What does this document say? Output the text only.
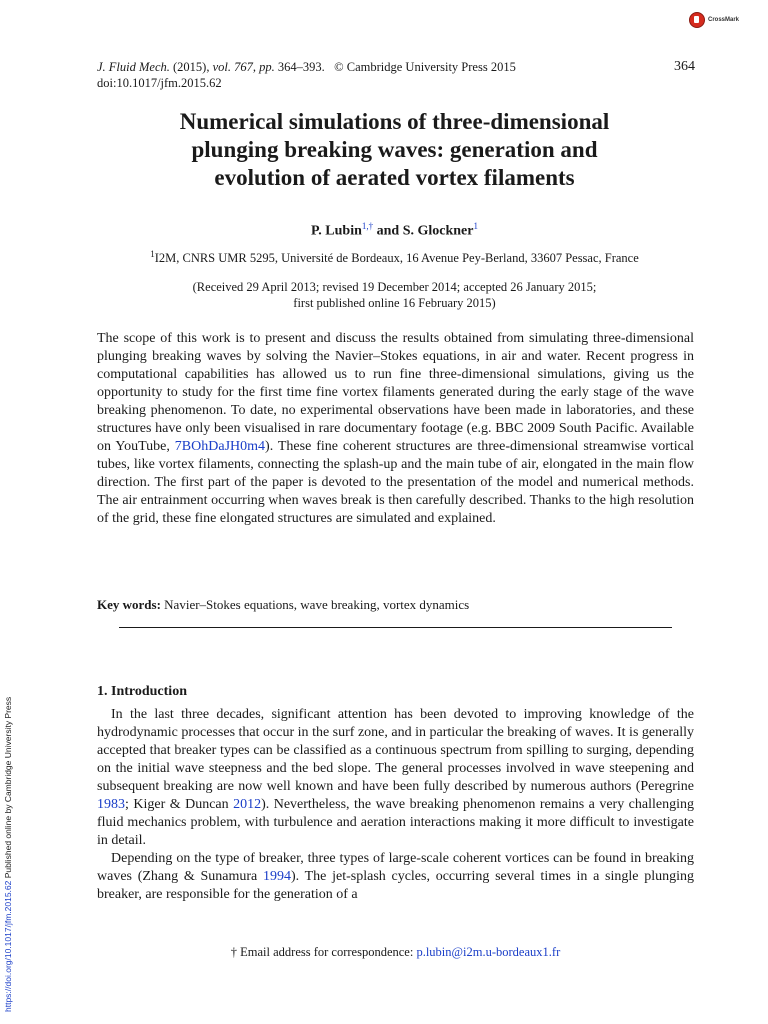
CrossMark
J. Fluid Mech. (2015), vol. 767, pp. 364–393. © Cambridge University Press 2015
doi:10.1017/jfm.2015.62
364
Numerical simulations of three-dimensional
plunging breaking waves: generation and
evolution of aerated vortex filaments
P. Lubin$^{1,\dagger}$ and S. Glockner$^1$
$^1$I2M, CNRS UMR 5295, Université de Bordeaux, 16 Avenue Pey-Berland, 33607 Pessac, France
(Received 29 April 2013; revised 19 December 2014; accepted 26 January 2015;
first published online 16 February 2015)

The scope of this work is to present and discuss the results obtained from simulating three-dimensional plunging breaking waves by solving the Navier–Stokes equations, in air and water. Recent progress in computational capabilities has allowed us to run fine three-dimensional simulations, giving us the opportunity to study for the first time fine vortex filaments generated during the early stage of the wave breaking phenomenon. To date, no experimental observations have been made in laboratories, and these structures have only been visualised in rare documentary footage (e.g. BBC 2009 South Pacific. Available on YouTube, 7BOhDaJH0m4). These fine coherent structures are three-dimensional streamwise vortical tubes, like vortex filaments, connecting the splash-up and the main tube of air, elongated in the main flow direction. The first part of the paper is devoted to the presentation of the model and numerical methods. The air entrainment occurring when waves break is then carefully described. Thanks to the high resolution of the grid, these fine elongated structures are simulated and explained.

Key words: Navier–Stokes equations, wave breaking, vortex dynamics
1. Introduction

In the last three decades, significant attention has been devoted to improving knowledge of the hydrodynamic processes that occur in the surf zone, and in particular the breaking of waves. It is generally accepted that breaker types can be classified as a continuous spectrum from spilling to surging, depending on the initial wave steepness and the bed slope. The general processes involved in wave steepening and subsequent breaking are now well known and have been fully described by numerous authors (Peregrine 1983; Kiger & Duncan 2012). Nevertheless, the wave breaking phenomenon remains a very challenging fluid mechanics problem, with turbulence and aeration interactions making it more difficult to investigate in detail.

Depending on the type of breaker, three types of large-scale coherent vortices can be found in breaking waves (Zhang & Sunamura 1994). The jet-splash cycles, occurring several times in a single plunging breaker, are responsible for the generation of a

† Email address for correspondence: p.lubin@i2m.u-bordeaux1.fr
https://doi.org/10.1017/jfm.2015.62 Published online by Cambridge University Press
